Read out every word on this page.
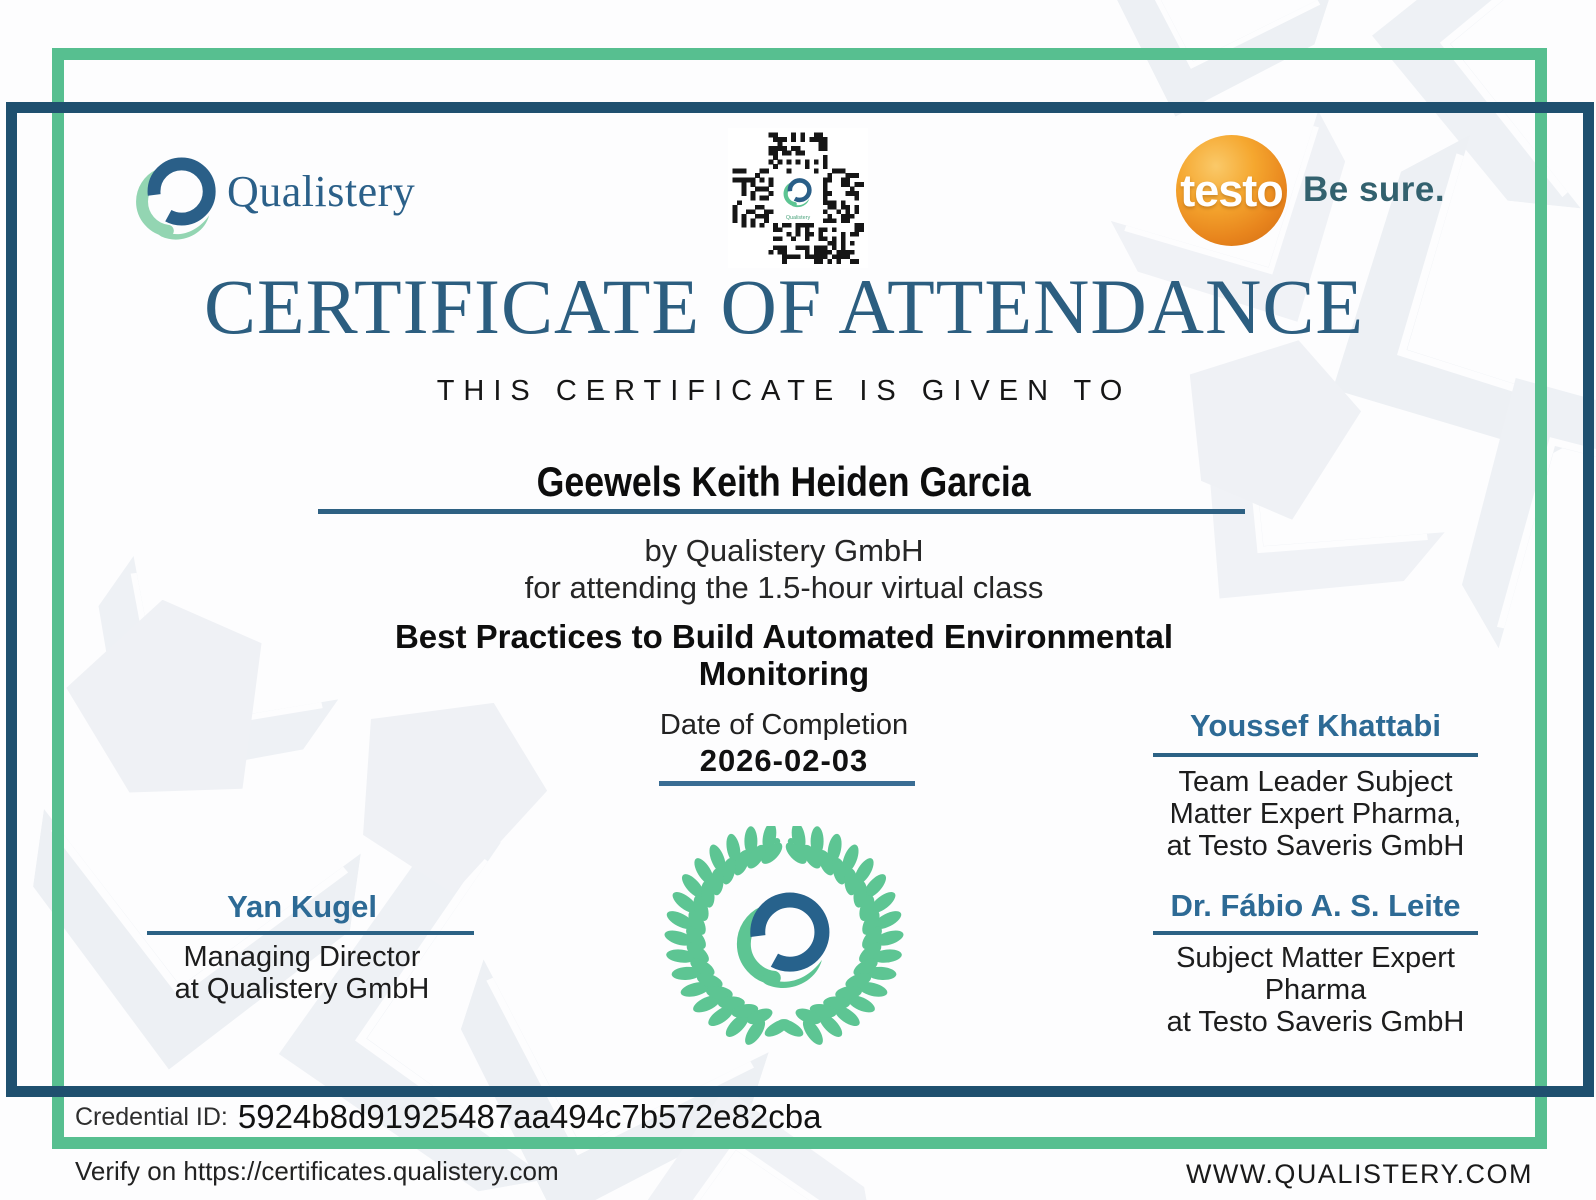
Qualistery
Qualistery
testo Be sure.
CERTIFICATE OF ATTENDANCE
THIS CERTIFICATE IS GIVEN TO
Geewels Keith Heiden Garcia
by Qualistery GmbH
for attending the 1.5-hour virtual class
Best Practices to Build Automated Environmental
Monitoring
Date of Completion
2026-02-03
Yan Kugel
Managing Director
at Qualistery GmbH
Youssef Khattabi
Team Leader Subject
Matter Expert Pharma,
at Testo Saveris GmbH
Dr. Fábio A. S. Leite
Subject Matter Expert
Pharma
at Testo Saveris GmbH
Credential ID: 5924b8d91925487aa494c7b572e82cba
Verify on https://certificates.qualistery.com	WWW.QUALISTERY.COM
